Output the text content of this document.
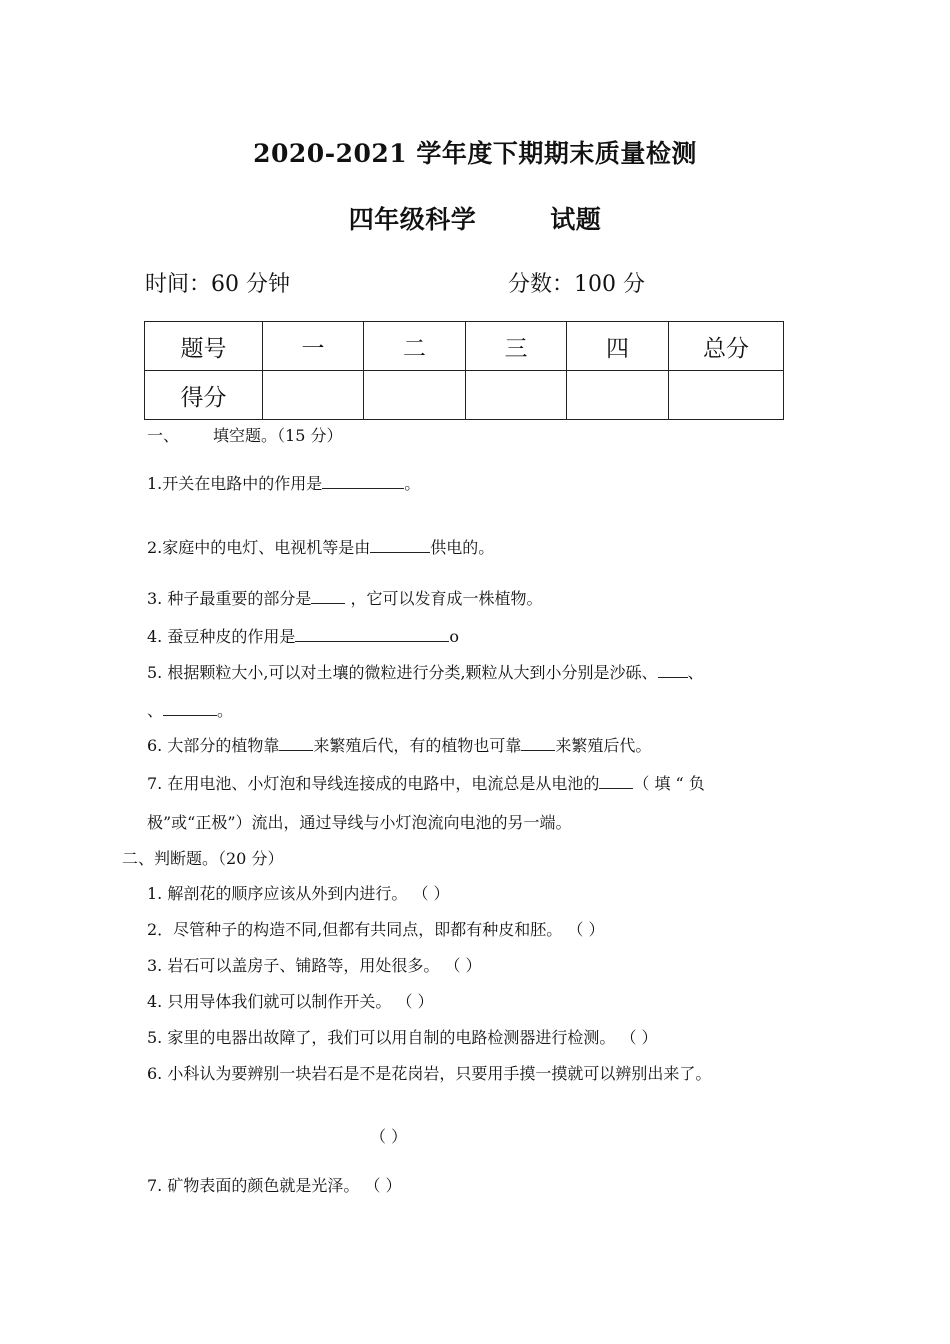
2020-2021 学年度下期期末质量检测
四年级科学	试题
时间：60 分钟	分数：100 分
题号	一	二	三	四	总分
得分					
一、 填空题。（15 分）
1.开关在电路中的作用是	。
2.家庭中的电灯、电视机等是由	供电的。
3. 种子最重要的部分是 ，它可以发育成一株植物。
4. 蚕豆种皮的作用是	o
5. 根据颗粒大小,可以对土壤的微粒进行分类,颗粒从大到小分别是沙砾、 、
、	。
6. 大部分的植物靠 来繁殖后代，有的植物也可靠 来繁殖后代。
7. 在用电池、小灯泡和导线连接成的电路中，电流总是从电池的 （ 填 “ 负
极”或“正极”）流出，通过导线与小灯泡流向电池的另一端。
二、判断题。（20 分）
1. 解剖花的顺序应该从外到内进行。 （ ）
2．尽管种子的构造不同,但都有共同点，即都有种皮和胚。 （ ）
3. 岩石可以盖房子、铺路等，用处很多。 （ ）
4. 只用导体我们就可以制作开关。 （ ）
5. 家里的电器出故障了，我们可以用自制的电路检测器进行检测。 （ ）
6. 小科认为要辨别一块岩石是不是花岗岩，只要用手摸一摸就可以辨别出来了。
（ ）
7. 矿物表面的颜色就是光泽。 （ ）
